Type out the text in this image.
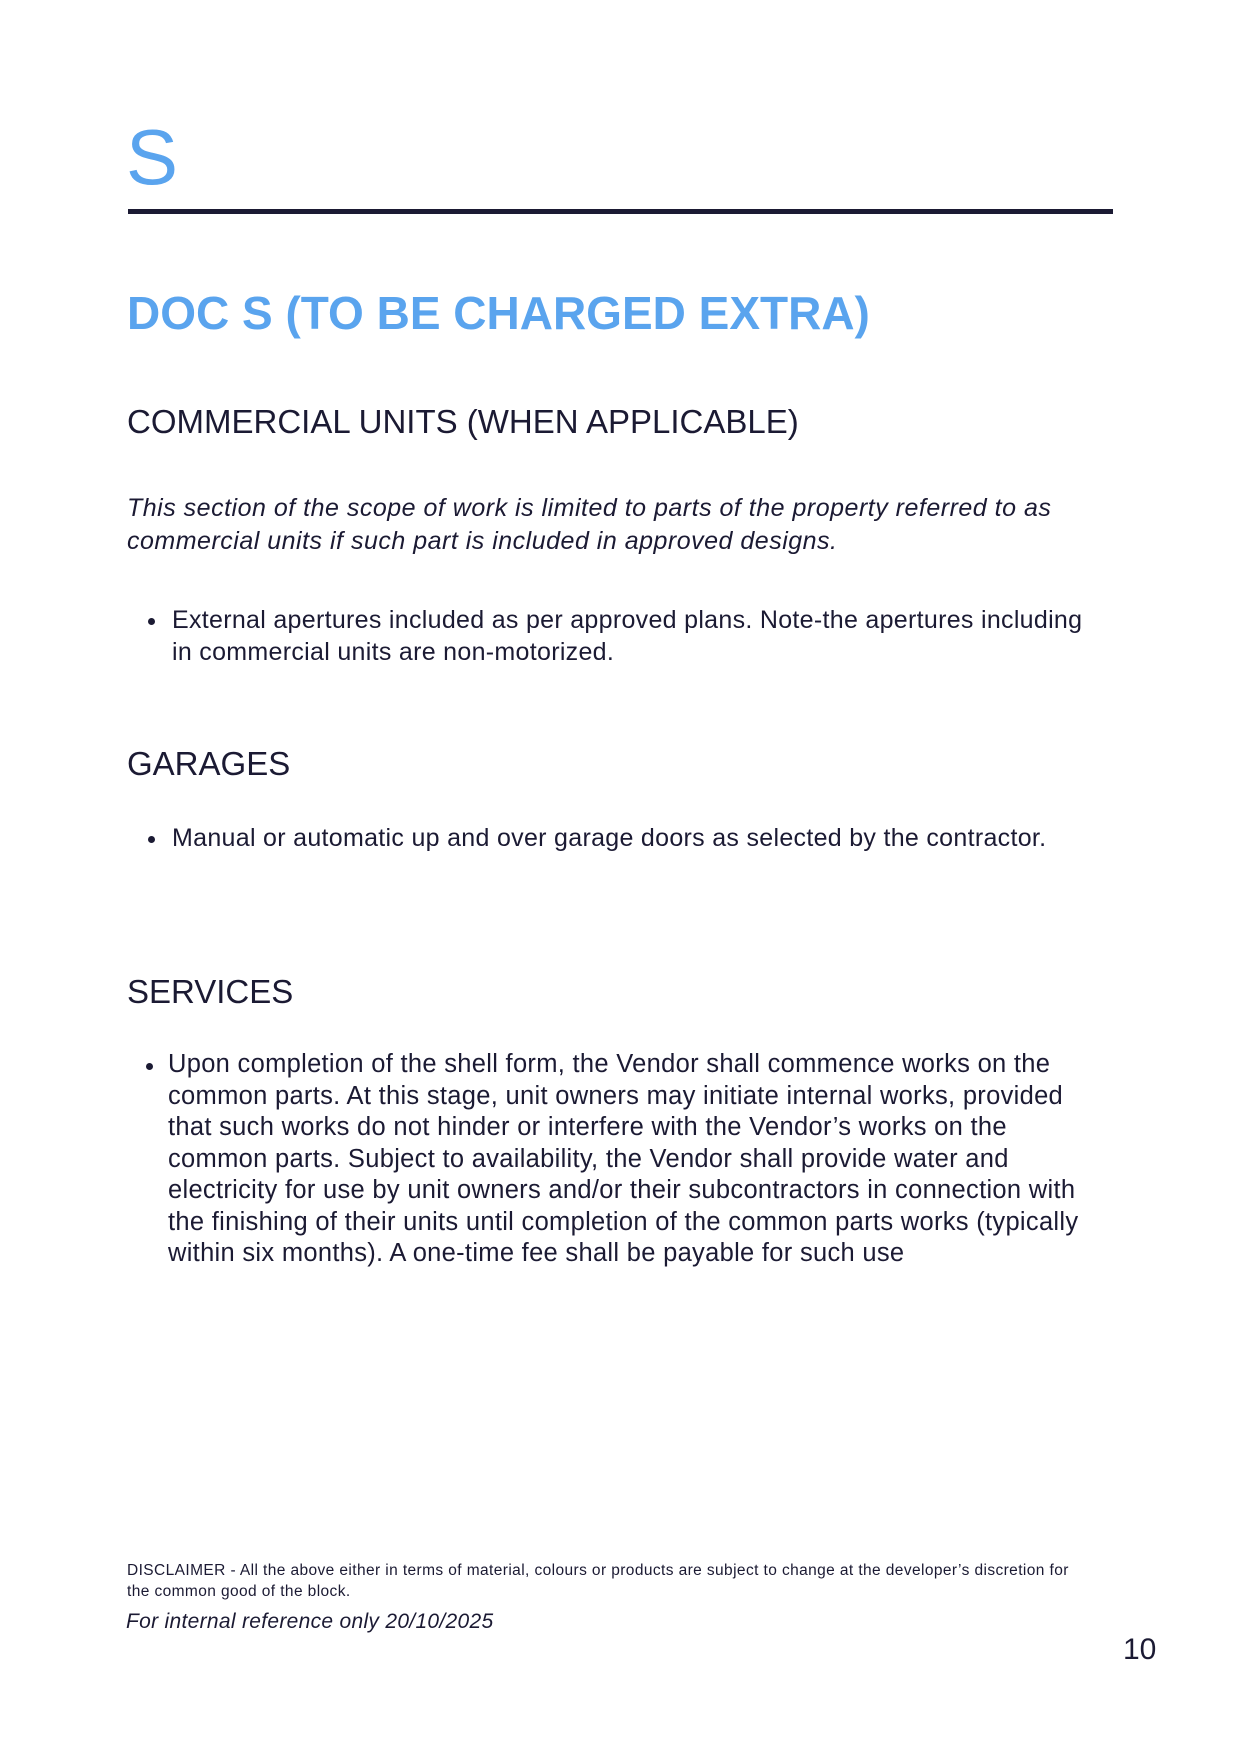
S
DOC S (TO BE CHARGED EXTRA)
COMMERCIAL UNITS (WHEN APPLICABLE)
This section of the scope of work is limited to parts of the property referred to as commercial units if such part is included in approved designs.
External apertures included as per approved plans. Note-the apertures including in commercial units are non-motorized.
GARAGES
Manual or automatic up and over garage doors as selected by the contractor.
SERVICES
Upon completion of the shell form, the Vendor shall commence works on the common parts. At this stage, unit owners may initiate internal works, provided that such works do not hinder or interfere with the Vendor’s works on the common parts. Subject to availability, the Vendor shall provide water and electricity for use by unit owners and/or their subcontractors in connection with the finishing of their units until completion of the common parts works (typically within six months). A one-time fee shall be payable for such use
DISCLAIMER - All the above either in terms of material, colours or products are subject to change at the developer’s discretion for the common good of the block.
For internal reference only 20/10/2025
10
